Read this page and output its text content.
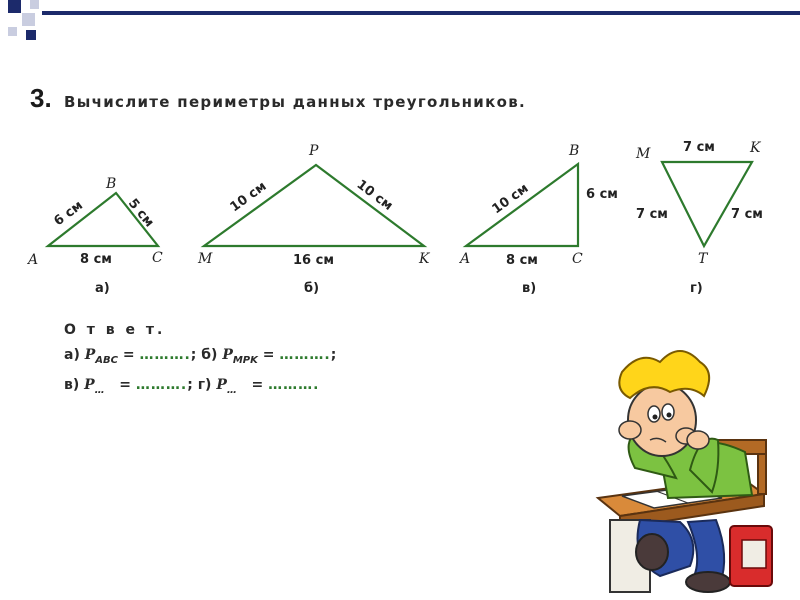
3. Вычислите периметры данных треугольников.
A
B
C
6 см	5 см
8 см
а)
M
P
K
10 см	10 см
16 см
б)
A
B
C
10 см	6 см
8 см
в)
M	K
T
7 см
7 см	7 см
г)
О т в е т.
а) $P_{ABC}$ = ……….; б) $P_{MPK}$ = ……….;
в) $P_\dots$ = ……….; г) $P_\dots$ = ……….
